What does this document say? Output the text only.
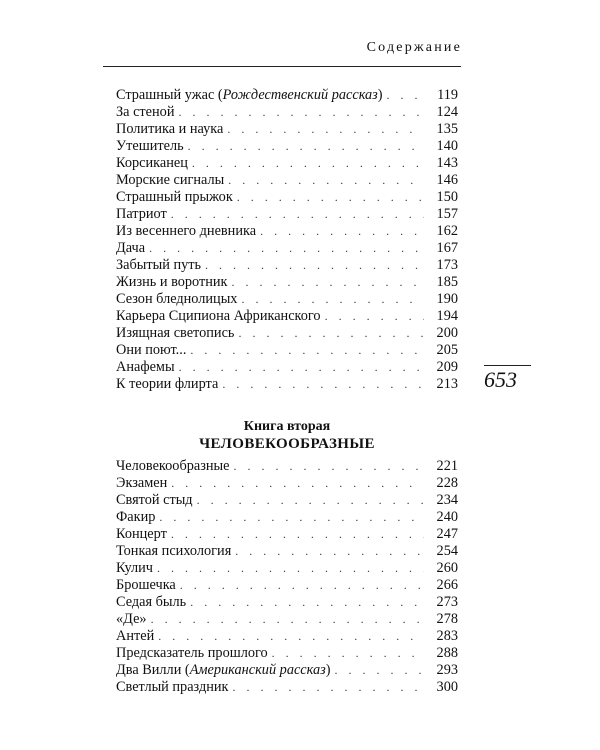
Содержание
Страшный ужас (Рождественский рассказ) . . .	119
За стеной . . .	124
Политика и наука . . .	135
Утешитель . . .	140
Корсиканец . . .	143
Морские сигналы . . .	146
Страшный прыжок . . .	150
Патриот . . .	157
Из весеннего дневника . . .	162
Дача . . .	167
Забытый путь . . .	173
Жизнь и воротник . . .	185
Сезон бледнолицых . . .	190
Карьера Сципиона Африканского . . .	194
Изящная светопись . . .	200
Они поют... . . .	205
Анафемы . . .	209
К теории флирта . . .	213
Книга вторая
ЧЕЛОВЕКООБРАЗНЫЕ
Человекообразные . . .	221
Экзамен . . .	228
Святой стыд . . .	234
Факир . . .	240
Концерт . . .	247
Тонкая психология . . .	254
Кулич . . .	260
Брошечка . . .	266
Седая быль . . .	273
«Де» . . .	278
Антей . . .	283
Предсказатель прошлого . . .	288
Два Вилли (Американский рассказ) . . .	293
Светлый праздник . . .	300
653
